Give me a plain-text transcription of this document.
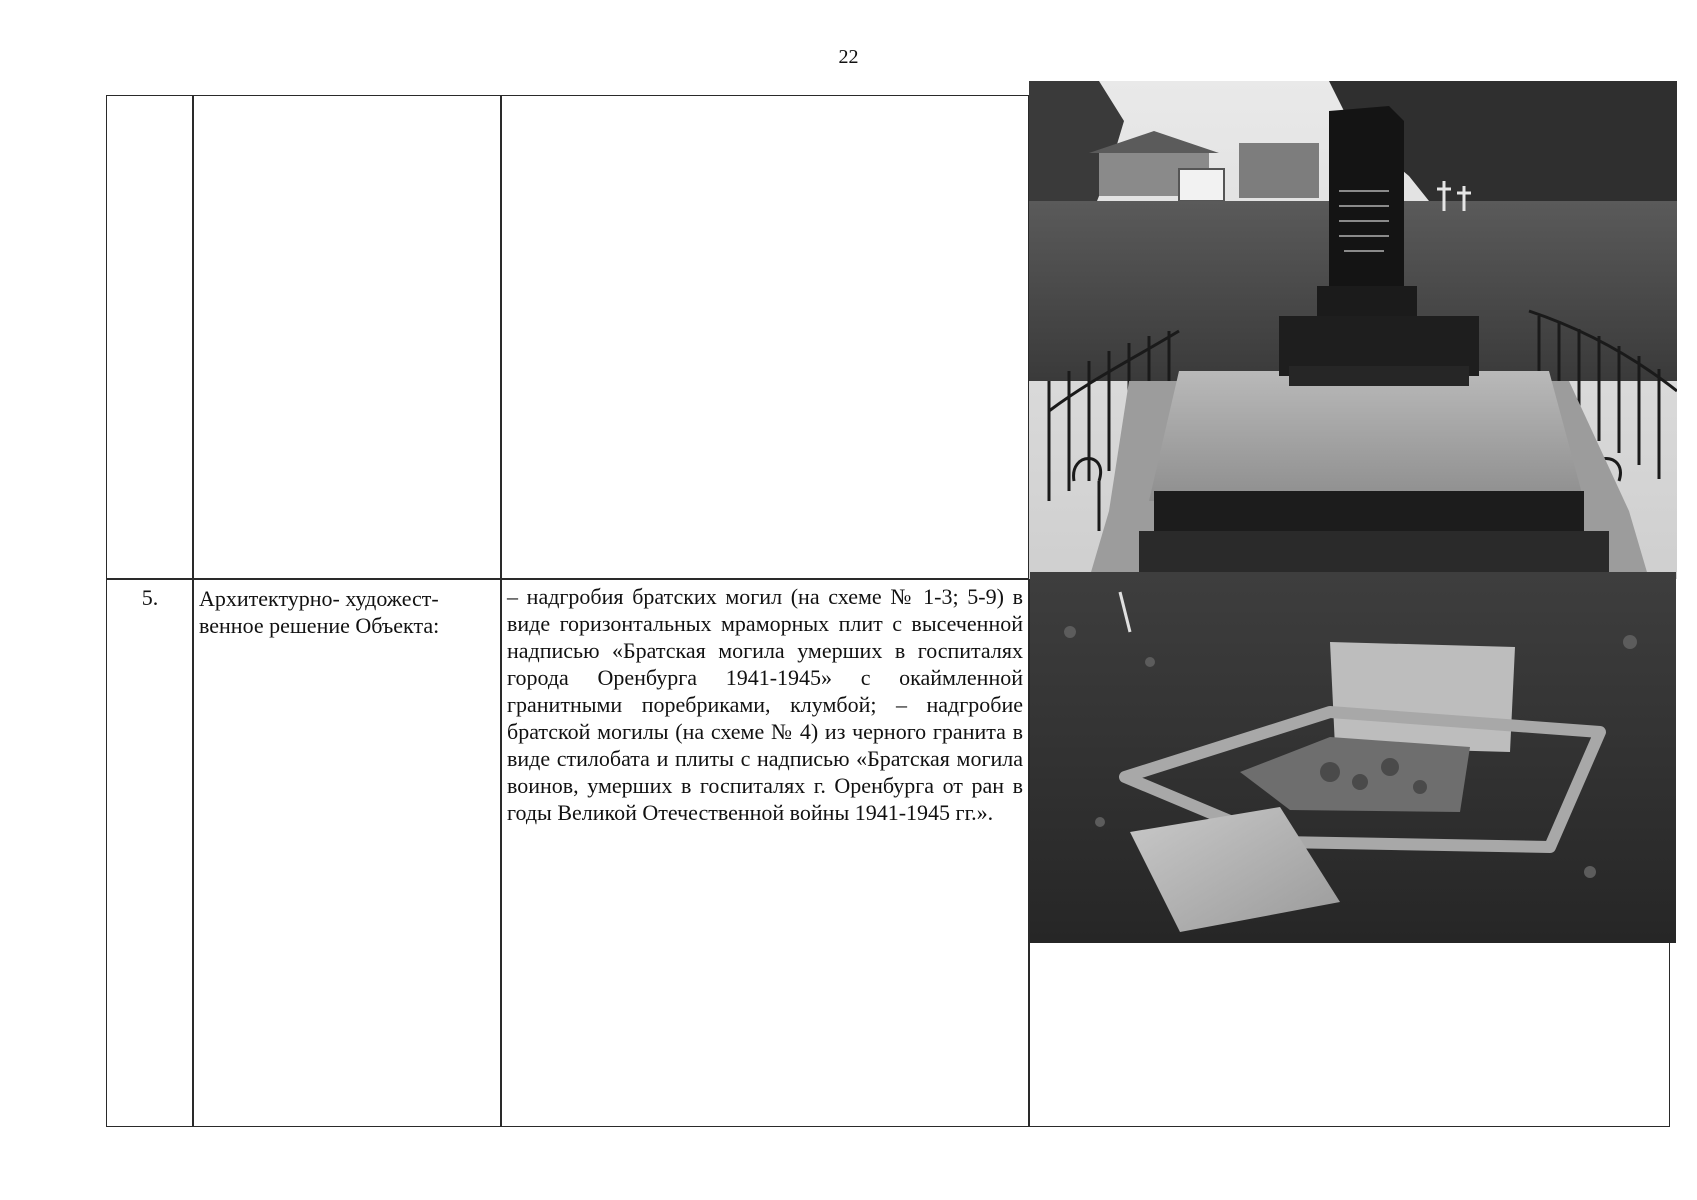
22
5.	Архитектурно- художест-венное решение Объекта:
– надгробия братских могил (на схеме № 1-3; 5-9) в виде горизонтальных мраморных плит с высеченной надписью «Братская могила умерших в госпиталях города Оренбурга 1941-1945» с окаймленной гранитными поребриками, клумбой; – надгробие братской могилы (на схеме № 4) из черного гранита в виде стилобата и плиты с надписью «Братская могила воинов, умерших в госпиталях г. Оренбурга от ран в годы Великой Отечественной войны 1941-1945 гг.».
